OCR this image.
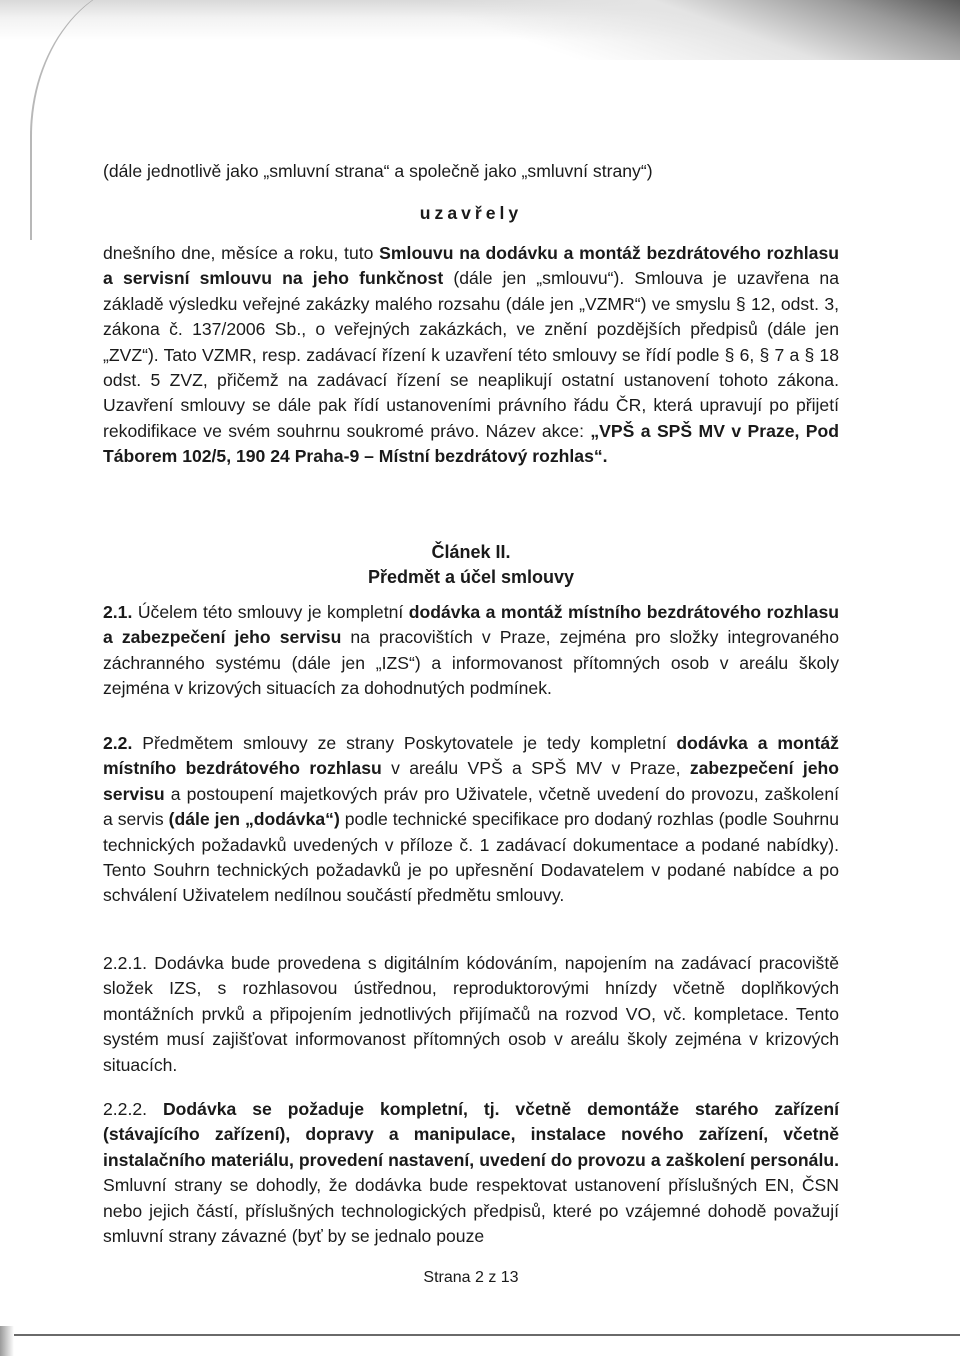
(dále jednotlivě jako „smluvní strana“ a společně jako „smluvní strany“)
uzavřely
dnešního dne, měsíce a roku, tuto Smlouvu na dodávku a montáž bezdrátového rozhlasu a servisní smlouvu na jeho funkčnost (dále jen „smlouvu“). Smlouva je uzavřena na základě výsledku veřejné zakázky malého rozsahu (dále jen „VZMR“) ve smyslu § 12, odst. 3, zákona č. 137/2006 Sb., o veřejných zakázkách, ve znění pozdějších předpisů (dále jen „ZVZ“). Tato VZMR, resp. zadávací řízení k uzavření této smlouvy se řídí podle § 6, § 7 a § 18 odst. 5 ZVZ, přičemž na zadávací řízení se neaplikují ostatní ustanovení tohoto zákona. Uzavření smlouvy se dále pak řídí ustanoveními právního řádu ČR, která upravují po přijetí rekodifikace ve svém souhrnu soukromé právo. Název akce: „VPŠ a SPŠ MV v Praze, Pod Táborem 102/5, 190 24 Praha-9 – Místní bezdrátový rozhlas“.
Článek II.
Předmět a účel smlouvy
2.1. Účelem této smlouvy je kompletní dodávka a montáž místního bezdrátového rozhlasu a zabezpečení jeho servisu na pracovištích v Praze, zejména pro složky integrovaného záchranného systému (dále jen „IZS“) a informovanost přítomných osob v areálu školy zejména v krizových situacích za dohodnutých podmínek.
2.2. Předmětem smlouvy ze strany Poskytovatele je tedy kompletní dodávka a montáž místního bezdrátového rozhlasu v areálu VPŠ a SPŠ MV v Praze, zabezpečení jeho servisu a postoupení majetkových práv pro Uživatele, včetně uvedení do provozu, zaškolení a servis (dále jen „dodávka“) podle technické specifikace pro dodaný rozhlas (podle Souhrnu technických požadavků uvedených v příloze č. 1 zadávací dokumentace a podané nabídky). Tento Souhrn technických požadavků je po upřesnění Dodavatelem v podané nabídce a po schválení Uživatelem nedílnou součástí předmětu smlouvy.
2.2.1. Dodávka bude provedena s digitálním kódováním, napojením na zadávací pracoviště složek IZS, s rozhlasovou ústřednou, reproduktorovými hnízdy včetně doplňkových montážních prvků a připojením jednotlivých přijímačů na rozvod VO, vč. kompletace. Tento systém musí zajišťovat informovanost přítomných osob v areálu školy zejména v krizových situacích.
2.2.2. Dodávka se požaduje kompletní, tj. včetně demontáže starého zařízení (stávajícího zařízení), dopravy a manipulace, instalace nového zařízení, včetně instalačního materiálu, provedení nastavení, uvedení do provozu a zaškolení personálu. Smluvní strany se dohodly, že dodávka bude respektovat ustanovení příslušných EN, ČSN nebo jejich částí, příslušných technologických předpisů, které po vzájemné dohodě považují smluvní strany závazné (byť by se jednalo pouze
Strana 2 z 13
